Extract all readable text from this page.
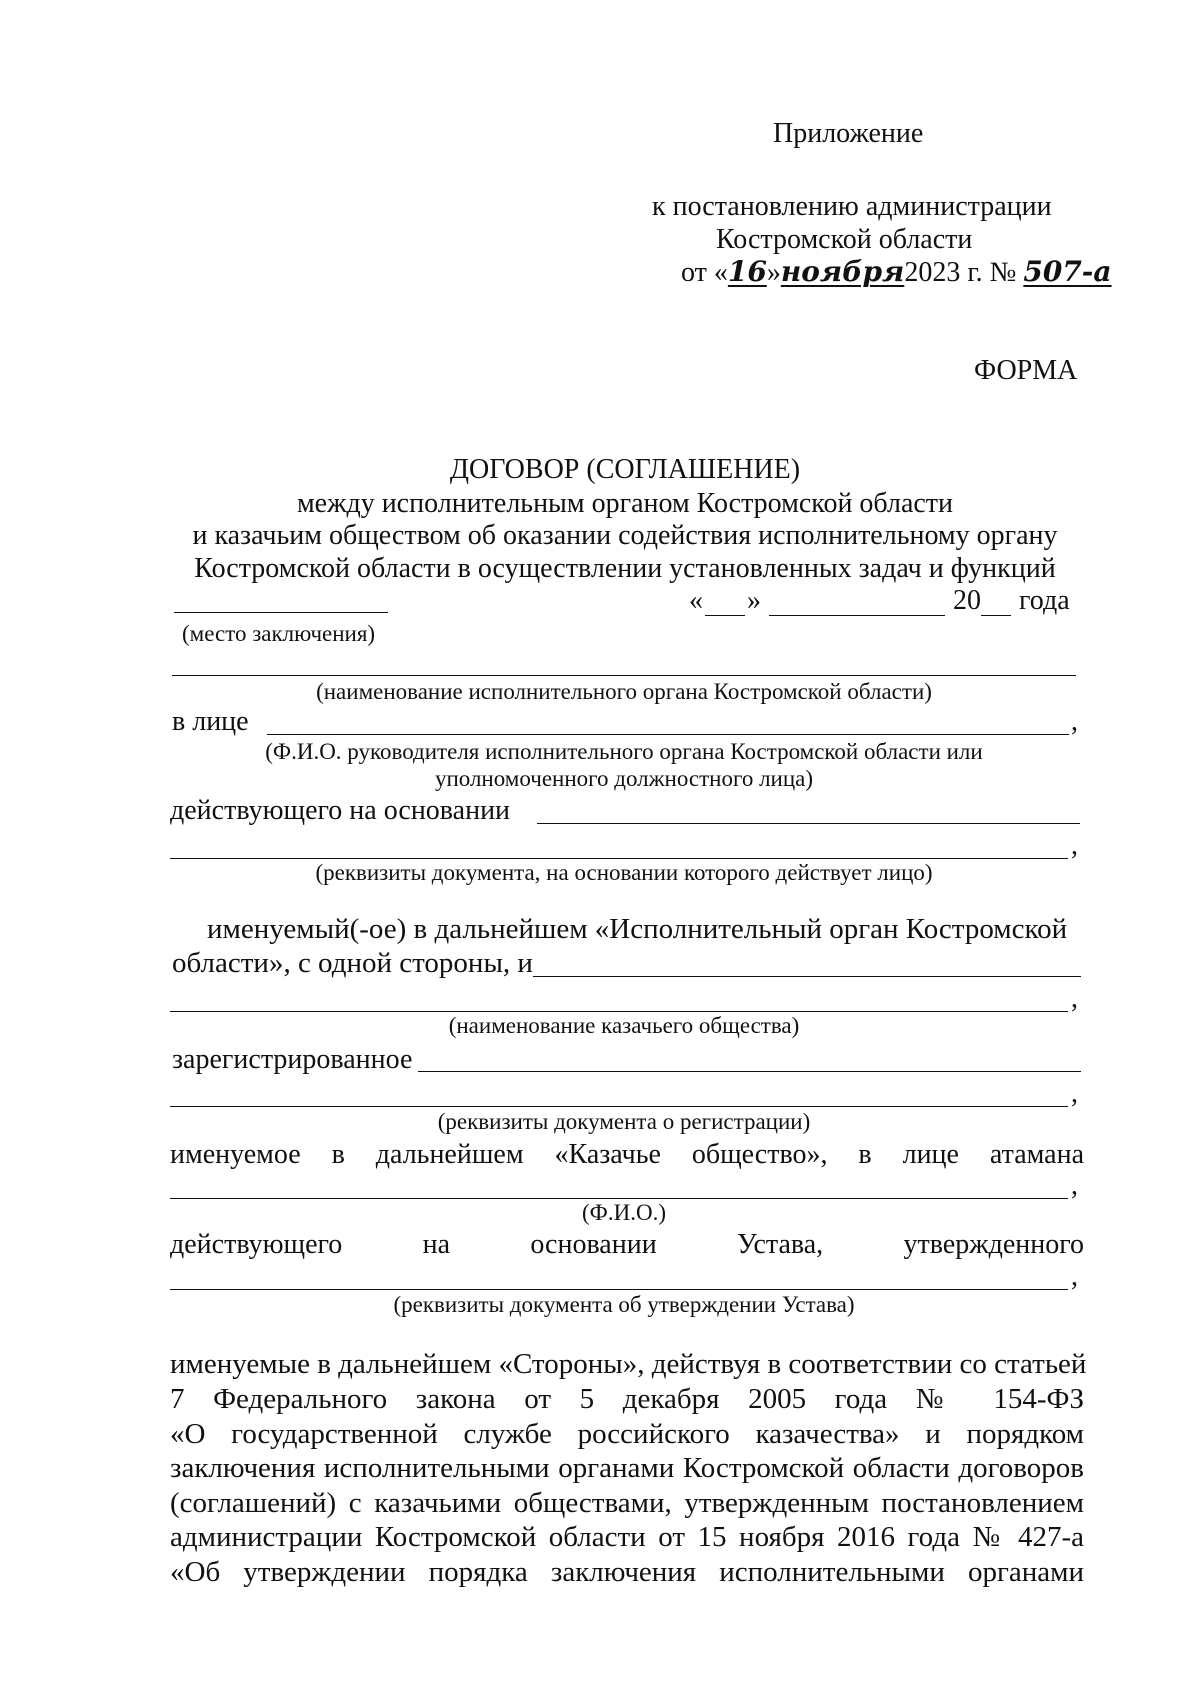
Приложение
к постановлению администрации
Костромской области
от «16»ноября2023 г. № 507-а
ФОРМА
ДОГОВОР (СОГЛАШЕНИЕ)
между исполнительным органом Костромской области
и казачьим обществом об оказании содействия исполнительному органу
Костромской области в осуществлении установленных задач и функций
« »	20 года
(место заключения)
(наименование исполнительного органа Костромской области)
в лице	,
(Ф.И.О. руководителя исполнительного органа Костромской области или
уполномоченного должностного лица)
действующего на основании
,
(реквизиты документа, на основании которого действует лицо)
именуемый(-ое) в дальнейшем «Исполнительный орган Костромской
области», с одной стороны, и
,
(наименование казачьего общества)
зарегистрированное
,
(реквизиты документа о регистрации)
именуемое в дальнейшем «Казачье общество», в лице атамана
,
(Ф.И.О.)
действующего на основании Устава, утвержденного
,
(реквизиты документа об утверждении Устава)
именуемые в дальнейшем «Стороны», действуя в соответствии со статьей
7 Федерального закона от 5 декабря 2005 года № 154-ФЗ
«О государственной службе российского казачества» и порядком
заключения исполнительными органами Костромской области договоров
(соглашений) с казачьими обществами, утвержденным постановлением
администрации Костромской области от 15 ноября 2016 года № 427-а
«Об утверждении порядка заключения исполнительными органами
